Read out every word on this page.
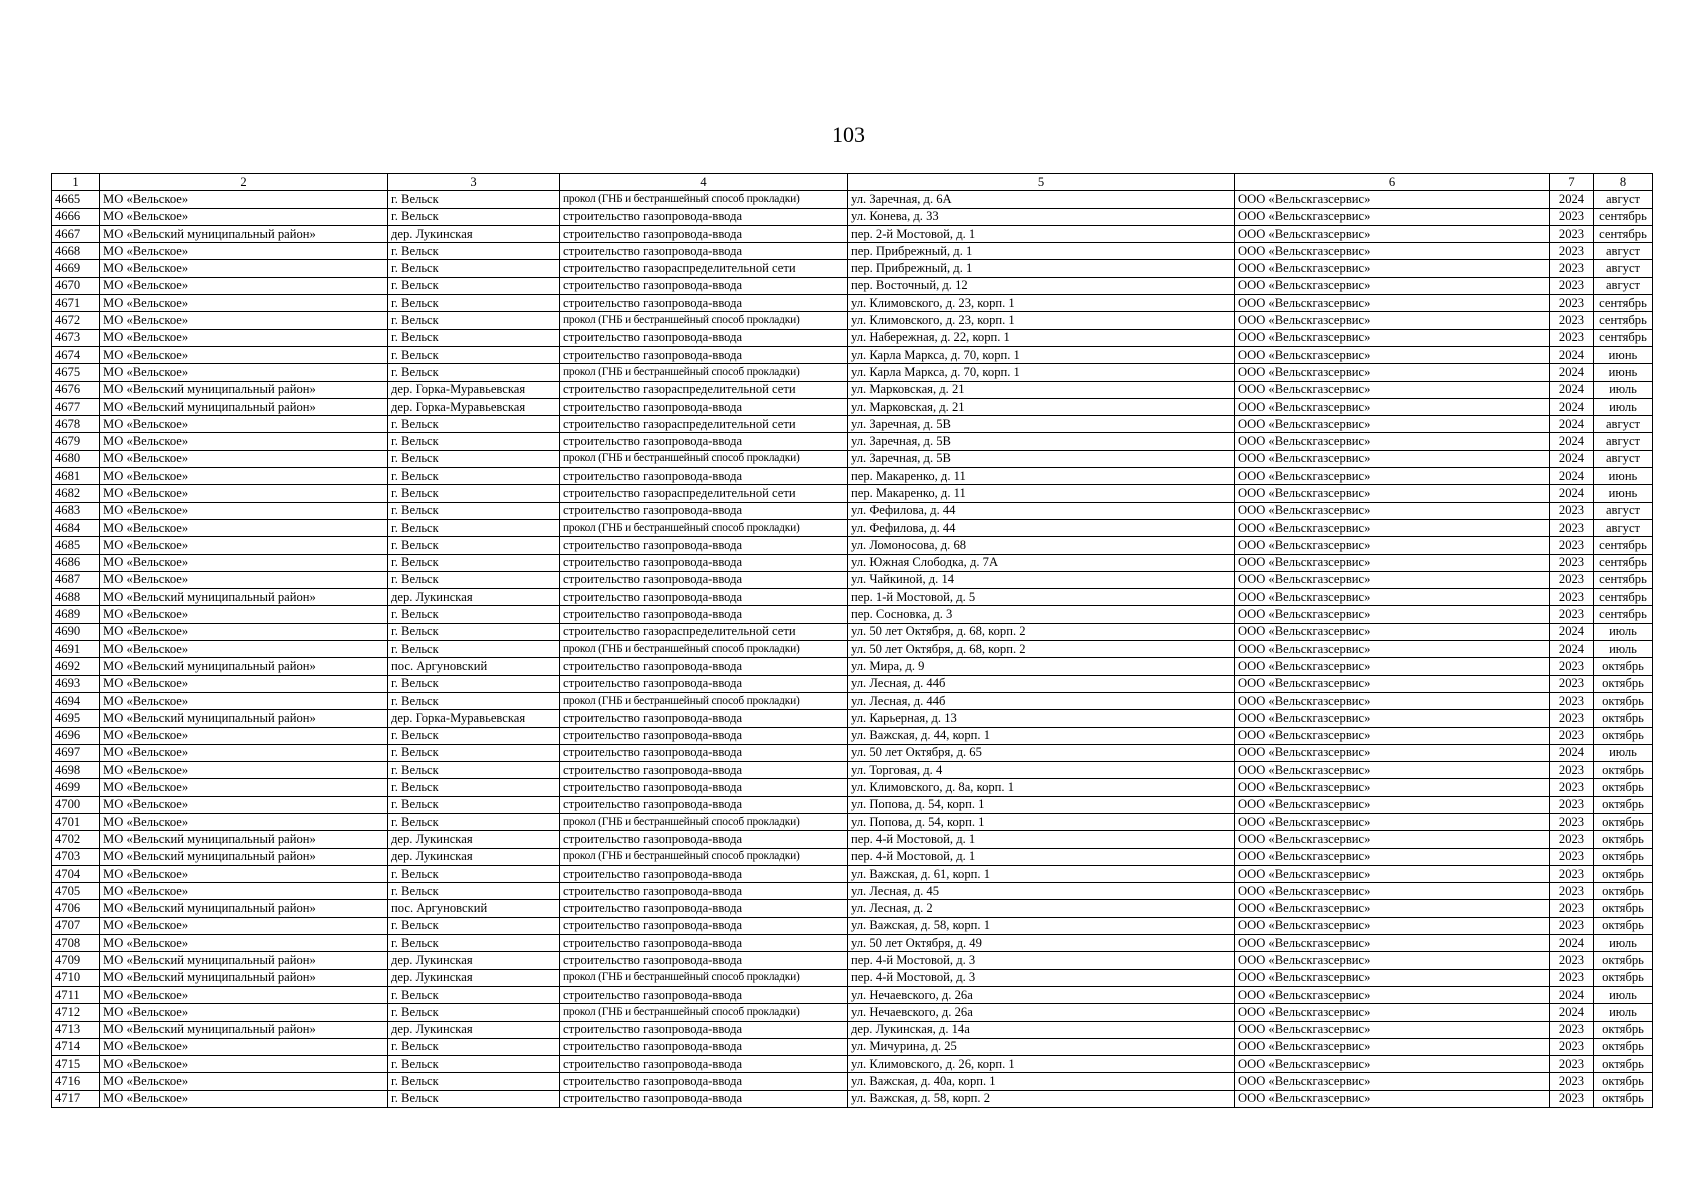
103
1	2	3	4	5	6	7	8
4665	МО «Вельское»	г. Вельск	прокол (ГНБ и бестраншейный способ прокладки)	ул. Заречная, д. 6А	ООО «Вельскгазсервис»	2024	август
4666	МО «Вельское»	г. Вельск	строительство газопровода-ввода	ул. Конева, д. 33	ООО «Вельскгазсервис»	2023	сентябрь
4667	МО «Вельский муниципальный район»	дер. Лукинская	строительство газопровода-ввода	пер. 2-й Мостовой, д. 1	ООО «Вельскгазсервис»	2023	сентябрь
4668	МО «Вельское»	г. Вельск	строительство газопровода-ввода	пер. Прибрежный, д. 1	ООО «Вельскгазсервис»	2023	август
4669	МО «Вельское»	г. Вельск	строительство газораспределительной сети	пер. Прибрежный, д. 1	ООО «Вельскгазсервис»	2023	август
4670	МО «Вельское»	г. Вельск	строительство газопровода-ввода	пер. Восточный, д. 12	ООО «Вельскгазсервис»	2023	август
4671	МО «Вельское»	г. Вельск	строительство газопровода-ввода	ул. Климовского, д. 23, корп. 1	ООО «Вельскгазсервис»	2023	сентябрь
4672	МО «Вельское»	г. Вельск	прокол (ГНБ и бестраншейный способ прокладки)	ул. Климовского, д. 23, корп. 1	ООО «Вельскгазсервис»	2023	сентябрь
4673	МО «Вельское»	г. Вельск	строительство газопровода-ввода	ул. Набережная, д. 22, корп. 1	ООО «Вельскгазсервис»	2023	сентябрь
4674	МО «Вельское»	г. Вельск	строительство газопровода-ввода	ул. Карла Маркса, д. 70, корп. 1	ООО «Вельскгазсервис»	2024	июнь
4675	МО «Вельское»	г. Вельск	прокол (ГНБ и бестраншейный способ прокладки)	ул. Карла Маркса, д. 70, корп. 1	ООО «Вельскгазсервис»	2024	июнь
4676	МО «Вельский муниципальный район»	дер. Горка-Муравьевская	строительство газораспределительной сети	ул. Марковская, д. 21	ООО «Вельскгазсервис»	2024	июль
4677	МО «Вельский муниципальный район»	дер. Горка-Муравьевская	строительство газопровода-ввода	ул. Марковская, д. 21	ООО «Вельскгазсервис»	2024	июль
4678	МО «Вельское»	г. Вельск	строительство газораспределительной сети	ул. Заречная, д. 5В	ООО «Вельскгазсервис»	2024	август
4679	МО «Вельское»	г. Вельск	строительство газопровода-ввода	ул. Заречная, д. 5В	ООО «Вельскгазсервис»	2024	август
4680	МО «Вельское»	г. Вельск	прокол (ГНБ и бестраншейный способ прокладки)	ул. Заречная, д. 5В	ООО «Вельскгазсервис»	2024	август
4681	МО «Вельское»	г. Вельск	строительство газопровода-ввода	пер. Макаренко, д. 11	ООО «Вельскгазсервис»	2024	июнь
4682	МО «Вельское»	г. Вельск	строительство газораспределительной сети	пер. Макаренко, д. 11	ООО «Вельскгазсервис»	2024	июнь
4683	МО «Вельское»	г. Вельск	строительство газопровода-ввода	ул. Фефилова, д. 44	ООО «Вельскгазсервис»	2023	август
4684	МО «Вельское»	г. Вельск	прокол (ГНБ и бестраншейный способ прокладки)	ул. Фефилова, д. 44	ООО «Вельскгазсервис»	2023	август
4685	МО «Вельское»	г. Вельск	строительство газопровода-ввода	ул. Ломоносова, д. 68	ООО «Вельскгазсервис»	2023	сентябрь
4686	МО «Вельское»	г. Вельск	строительство газопровода-ввода	ул. Южная Слободка, д. 7А	ООО «Вельскгазсервис»	2023	сентябрь
4687	МО «Вельское»	г. Вельск	строительство газопровода-ввода	ул. Чайкиной, д. 14	ООО «Вельскгазсервис»	2023	сентябрь
4688	МО «Вельский муниципальный район»	дер. Лукинская	строительство газопровода-ввода	пер. 1-й Мостовой, д. 5	ООО «Вельскгазсервис»	2023	сентябрь
4689	МО «Вельское»	г. Вельск	строительство газопровода-ввода	пер. Сосновка, д. 3	ООО «Вельскгазсервис»	2023	сентябрь
4690	МО «Вельское»	г. Вельск	строительство газораспределительной сети	ул. 50 лет Октября, д. 68, корп. 2	ООО «Вельскгазсервис»	2024	июль
4691	МО «Вельское»	г. Вельск	прокол (ГНБ и бестраншейный способ прокладки)	ул. 50 лет Октября, д. 68, корп. 2	ООО «Вельскгазсервис»	2024	июль
4692	МО «Вельский муниципальный район»	пос. Аргуновский	строительство газопровода-ввода	ул. Мира, д. 9	ООО «Вельскгазсервис»	2023	октябрь
4693	МО «Вельское»	г. Вельск	строительство газопровода-ввода	ул. Лесная, д. 44б	ООО «Вельскгазсервис»	2023	октябрь
4694	МО «Вельское»	г. Вельск	прокол (ГНБ и бестраншейный способ прокладки)	ул. Лесная, д. 44б	ООО «Вельскгазсервис»	2023	октябрь
4695	МО «Вельский муниципальный район»	дер. Горка-Муравьевская	строительство газопровода-ввода	ул. Карьерная, д. 13	ООО «Вельскгазсервис»	2023	октябрь
4696	МО «Вельское»	г. Вельск	строительство газопровода-ввода	ул. Важская, д. 44, корп. 1	ООО «Вельскгазсервис»	2023	октябрь
4697	МО «Вельское»	г. Вельск	строительство газопровода-ввода	ул. 50 лет Октября, д. 65	ООО «Вельскгазсервис»	2024	июль
4698	МО «Вельское»	г. Вельск	строительство газопровода-ввода	ул. Торговая, д. 4	ООО «Вельскгазсервис»	2023	октябрь
4699	МО «Вельское»	г. Вельск	строительство газопровода-ввода	ул. Климовского, д. 8а, корп. 1	ООО «Вельскгазсервис»	2023	октябрь
4700	МО «Вельское»	г. Вельск	строительство газопровода-ввода	ул. Попова, д. 54, корп. 1	ООО «Вельскгазсервис»	2023	октябрь
4701	МО «Вельское»	г. Вельск	прокол (ГНБ и бестраншейный способ прокладки)	ул. Попова, д. 54, корп. 1	ООО «Вельскгазсервис»	2023	октябрь
4702	МО «Вельский муниципальный район»	дер. Лукинская	строительство газопровода-ввода	пер. 4-й Мостовой, д. 1	ООО «Вельскгазсервис»	2023	октябрь
4703	МО «Вельский муниципальный район»	дер. Лукинская	прокол (ГНБ и бестраншейный способ прокладки)	пер. 4-й Мостовой, д. 1	ООО «Вельскгазсервис»	2023	октябрь
4704	МО «Вельское»	г. Вельск	строительство газопровода-ввода	ул. Важская, д. 61, корп. 1	ООО «Вельскгазсервис»	2023	октябрь
4705	МО «Вельское»	г. Вельск	строительство газопровода-ввода	ул. Лесная, д. 45	ООО «Вельскгазсервис»	2023	октябрь
4706	МО «Вельский муниципальный район»	пос. Аргуновский	строительство газопровода-ввода	ул. Лесная, д. 2	ООО «Вельскгазсервис»	2023	октябрь
4707	МО «Вельское»	г. Вельск	строительство газопровода-ввода	ул. Важская, д. 58, корп. 1	ООО «Вельскгазсервис»	2023	октябрь
4708	МО «Вельское»	г. Вельск	строительство газопровода-ввода	ул. 50 лет Октября, д. 49	ООО «Вельскгазсервис»	2024	июль
4709	МО «Вельский муниципальный район»	дер. Лукинская	строительство газопровода-ввода	пер. 4-й Мостовой, д. 3	ООО «Вельскгазсервис»	2023	октябрь
4710	МО «Вельский муниципальный район»	дер. Лукинская	прокол (ГНБ и бестраншейный способ прокладки)	пер. 4-й Мостовой, д. 3	ООО «Вельскгазсервис»	2023	октябрь
4711	МО «Вельское»	г. Вельск	строительство газопровода-ввода	ул. Нечаевского, д. 26а	ООО «Вельскгазсервис»	2024	июль
4712	МО «Вельское»	г. Вельск	прокол (ГНБ и бестраншейный способ прокладки)	ул. Нечаевского, д. 26а	ООО «Вельскгазсервис»	2024	июль
4713	МО «Вельский муниципальный район»	дер. Лукинская	строительство газопровода-ввода	дер. Лукинская, д. 14а	ООО «Вельскгазсервис»	2023	октябрь
4714	МО «Вельское»	г. Вельск	строительство газопровода-ввода	ул. Мичурина, д. 25	ООО «Вельскгазсервис»	2023	октябрь
4715	МО «Вельское»	г. Вельск	строительство газопровода-ввода	ул. Климовского, д. 26, корп. 1	ООО «Вельскгазсервис»	2023	октябрь
4716	МО «Вельское»	г. Вельск	строительство газопровода-ввода	ул. Важская, д. 40а, корп. 1	ООО «Вельскгазсервис»	2023	октябрь
4717	МО «Вельское»	г. Вельск	строительство газопровода-ввода	ул. Важская, д. 58, корп. 2	ООО «Вельскгазсервис»	2023	октябрь
